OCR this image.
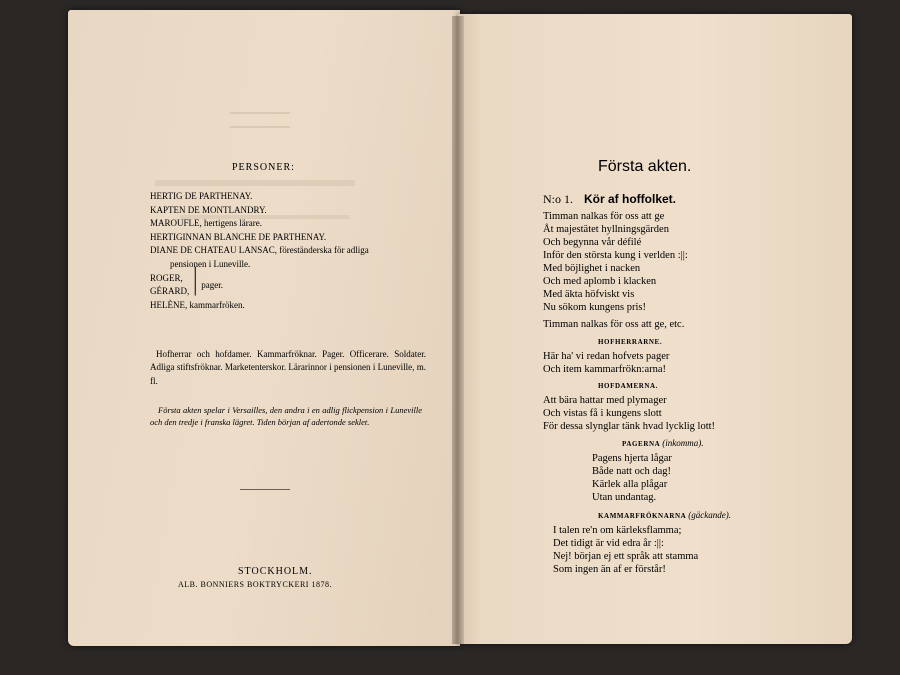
PERSONER:
HERTIG DE PARTHENAY.
KAPTEN DE MONTLANDRY.
MAROUFLE, hertigens lärare.
HERTIGINNAN BLANCHE DE PARTHENAY.
DIANE DE CHATEAU LANSAC, föreständerska för adliga
pensionen i Luneville.
ROGER,
GÉRARD, | pager.
HELÈNE, kammarfröken.
Hofherrar och hofdamer. Kammarfröknar. Pager. Officerare. Soldater. Adliga stiftsfröknar. Marketenterskor. Lärarinnor i pensionen i Luneville, m. fl.
Första akten spelar i Versailles, den andra i en adlig flickpension i Luneville och den tredje i franska lägret. Tiden början af adertonde seklet.
STOCKHOLM.
ALB. BONNIERS BOKTRYCKERI 1878.
Första akten.
N:o 1. Kör af hoffolket.
Timman nalkas för oss att ge
Åt majestätet hyllningsgärden
Och begynna vår défilé
Inför den största kung i verlden :||:
Med böjlighet i nacken
Och med aplomb i klacken
Med äkta höfviskt vis
Nu sökom kungens pris!
Timman nalkas för oss att ge, etc.
HOFHERRARNE.
Här ha' vi redan hofvets pager
Och item kammarfrökn:arna!
HOFDAMERNA.
Att bära hattar med plymager
Och vistas få i kungens slott
För dessa slynglar tänk hvad lycklig lott!
PAGERNA (inkomma).
Pagens hjerta lågar
Både natt och dag!
Kärlek alla plågar
Utan undantag.
KAMMARFRÖKNARNA (gäckande).
I talen re'n om kärleksflamma;
Det tidigt är vid edra år :||:
Nej! början ej ett språk att stamma
Som ingen än af er förstår!
